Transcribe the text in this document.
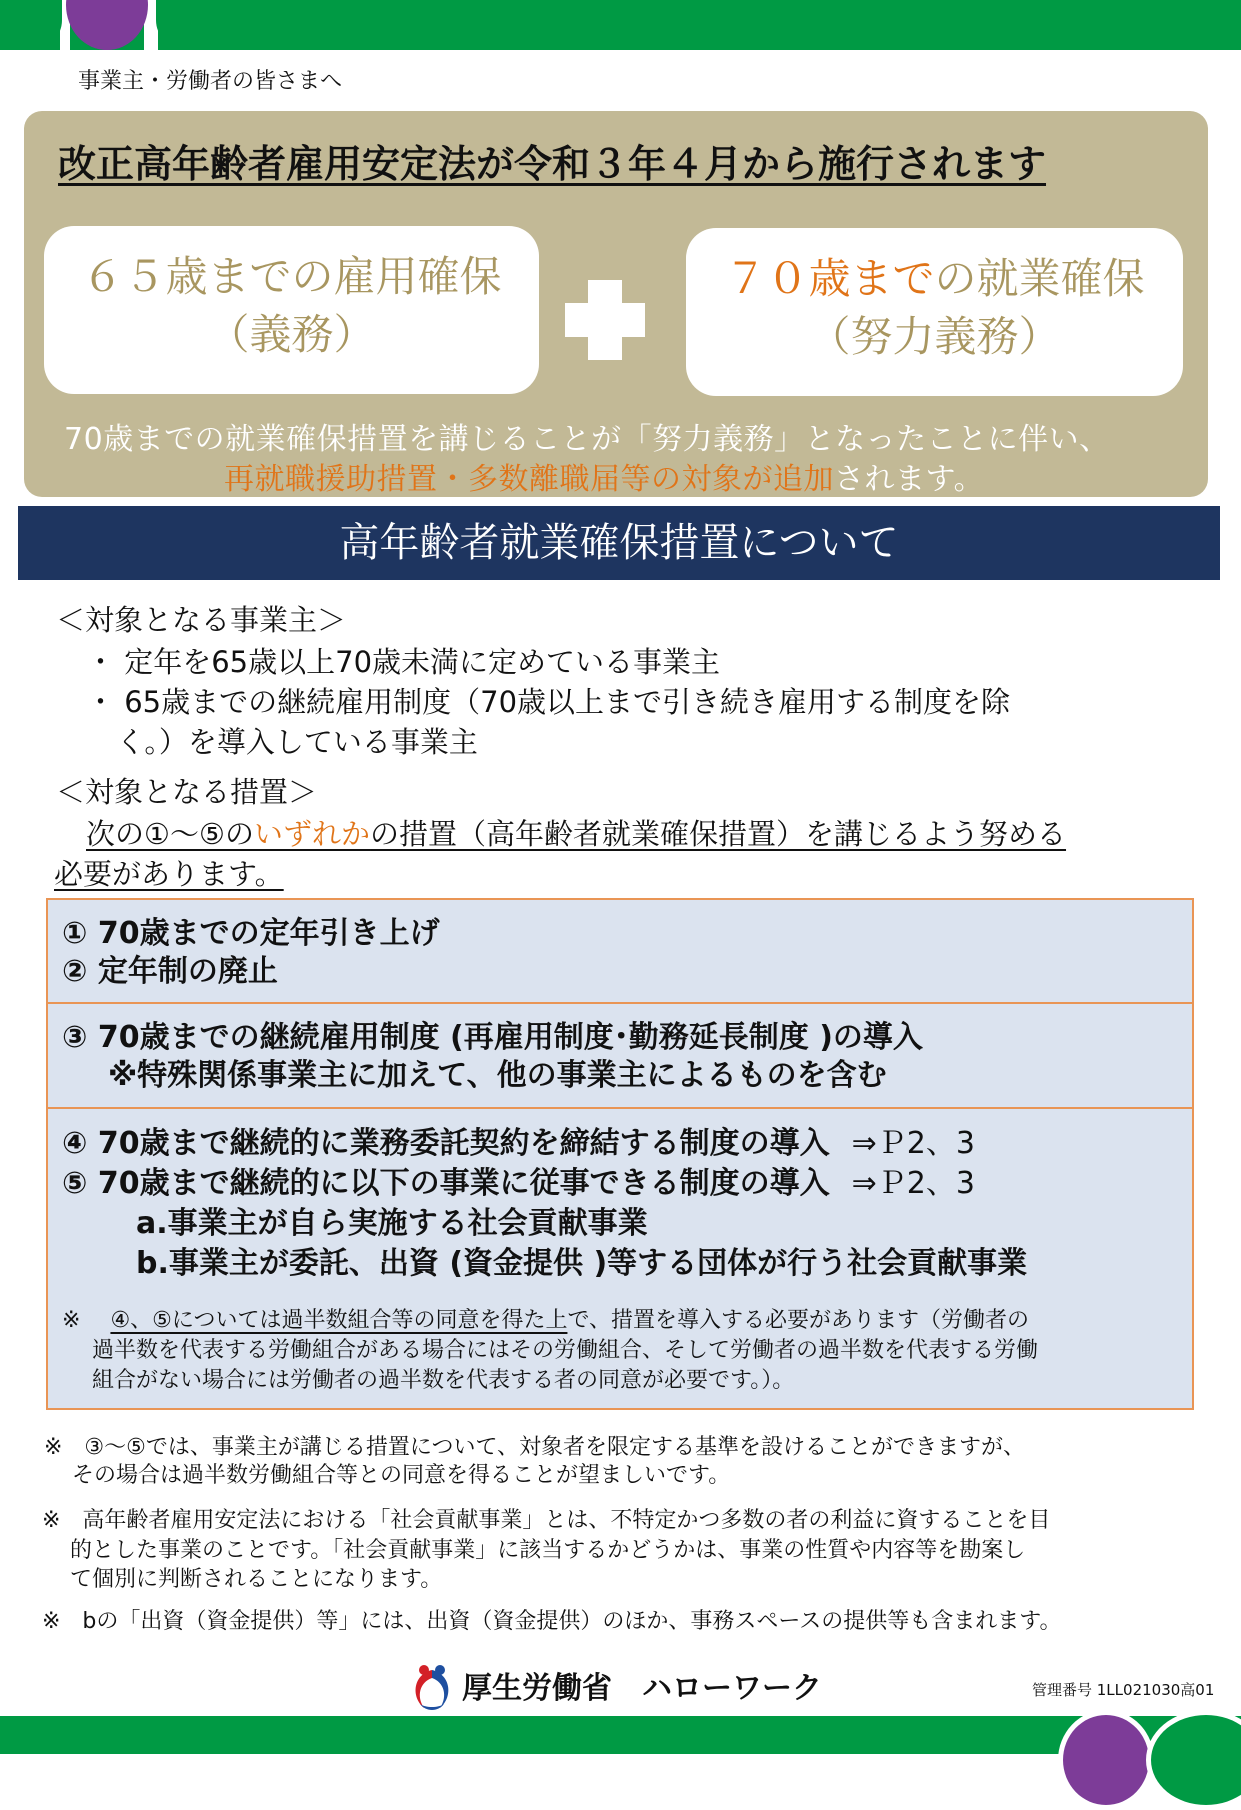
事業主・労働者の皆さまへ
改正高年齢者雇用安定法が令和３年４月から施行されます
６５歳までの雇用確保
（義務）
７０歳までの就業確保
（努力義務）
70歳までの就業確保措置を講じることが「努力義務」となったことに伴い、
再就職援助措置・多数離職届等の対象が追加されます。
高年齢者就業確保措置について
＜対象となる事業主＞
・ 定年を65歳以上70歳未満に定めている事業主
・ 65歳までの継続雇用制度（70歳以上まで引き続き雇用する制度を除
く。）を導入している事業主
＜対象となる措置＞
次の①～⑤のいずれかの措置（高年齢者就業確保措置）を講じるよう努める
必要があります。
① 70歳までの定年引き上げ
② 定年制の廃止
③ 70歳までの継続雇用制度 (再雇用制度･勤務延長制度 )の導入
※特殊関係事業主に加えて、他の事業主によるものを含む
④ 70歳まで継続的に業務委託契約を締結する制度の導入 ⇒Ｐ2、3
⑤ 70歳まで継続的に以下の事業に従事できる制度の導入 ⇒Ｐ2、3
a.事業主が自ら実施する社会貢献事業
b.事業主が委託、出資 (資金提供 )等する団体が行う社会貢献事業
※ ④、⑤については過半数組合等の同意を得た上で、措置を導入する必要があります（労働者の
過半数を代表する労働組合がある場合にはその労働組合、そして労働者の過半数を代表する労働
組合がない場合には労働者の過半数を代表する者の同意が必要です。）。
※　③～⑤では、事業主が講じる措置について、対象者を限定する基準を設けることができますが、
その場合は過半数労働組合等との同意を得ることが望ましいです。
※　高年齢者雇用安定法における「社会貢献事業」とは、不特定かつ多数の者の利益に資することを目
的とした事業のことです。「社会貢献事業」に該当するかどうかは、事業の性質や内容等を勘案し
て個別に判断されることになります。
※　bの「出資（資金提供）等」には、出資（資金提供）のほか、事務スペースの提供等も含まれます。
厚生労働省 ハローワーク	管理番号 1LL021030高01
